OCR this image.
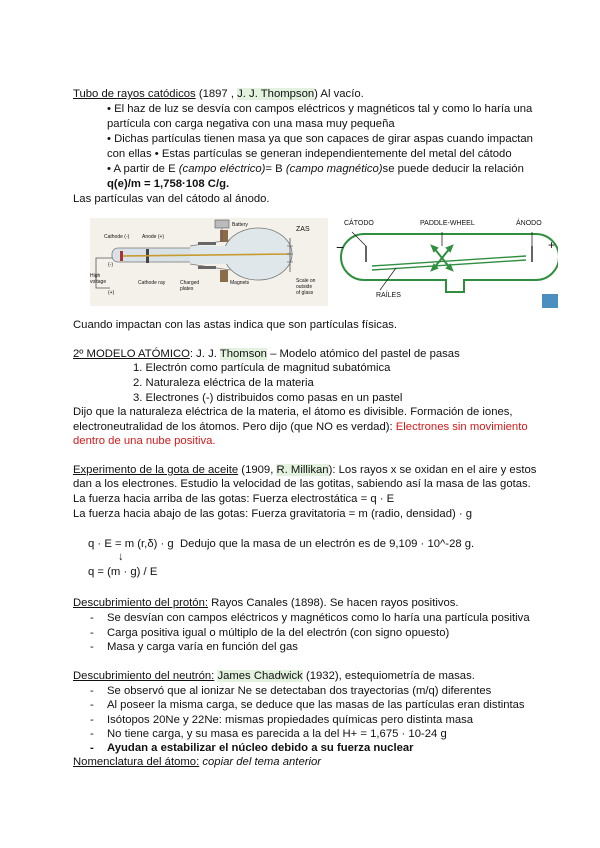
Tubo de rayos catódicos (1897 , J. J. Thompson) Al vacío.
• El haz de luz se desvía con campos eléctricos y magnéticos tal y como lo haría una
partícula con carga negativa con una masa muy pequeña
• Dichas partículas tienen masa ya que son capaces de girar aspas cuando impactan
con ellas • Estas partículas se generan independientemente del metal del cátodo
• A partir de E (campo eléctrico)= B (campo magnético)se puede deducir la relación
q(e)/m = 1,758·108 C/g.
Las partículas van del cátodo al ánodo.
Cathode (-)	Anode (+)
Battery
ZAS
High
voltage
(-)
(+)
Cathode ray	Charged
plates
Magnets	Scale on
outside
of glass
CÁTODO	PADDLE-WHEEL	ÁNODO
RAÍLES
−	+
Cuando impactan con las astas indica que son partículas físicas.
2º MODELO ATÓMICO: J. J. Thomson – Modelo atómico del pastel de pasas
1. Electrón como partícula de magnitud subatómica
2. Naturaleza eléctrica de la materia
3. Electrones (-) distribuidos como pasas en un pastel
Dijo que la naturaleza eléctrica de la materia, el átomo es divisible. Formación de iones,
electroneutralidad de los átomos. Pero dijo (que NO es verdad): Electrones sin movimiento
dentro de una nube positiva.
Experimento de la gota de aceite (1909, R. Millikan): Los rayos x se oxidan en el aire y estos
dan a los electrones. Estudio la velocidad de las gotitas, sabiendo así la masa de las gotas.
La fuerza hacia arriba de las gotas: Fuerza electrostática = q · E
La fuerza hacia abajo de las gotas: Fuerza gravitatoria = m (radio, densidad) · g
q · E = m (r,δ) · g
↓
q = (m · g) / E
Dedujo que la masa de un electrón es de 9,109 · 10^-28 g.
Descubrimiento del protón: Rayos Canales (1898). Se hacen rayos positivos.
- Se desvían con campos eléctricos y magnéticos como lo haría una partícula positiva
- Carga positiva igual o múltiplo de la del electrón (con signo opuesto)
- Masa y carga varía en función del gas
Descubrimiento del neutrón: James Chadwick (1932), estequiometría de masas.
- Se observó que al ionizar Ne se detectaban dos trayectorias (m/q) diferentes
- Al poseer la misma carga, se deduce que las masas de las partículas eran distintas
- Isótopos 20Ne y 22Ne: mismas propiedades químicas pero distinta masa
- No tiene carga, y su masa es parecida a la del H+ = 1,675 · 10-24 g
- Ayudan a estabilizar el núcleo debido a su fuerza nuclear
Nomenclatura del átomo: copiar del tema anterior
